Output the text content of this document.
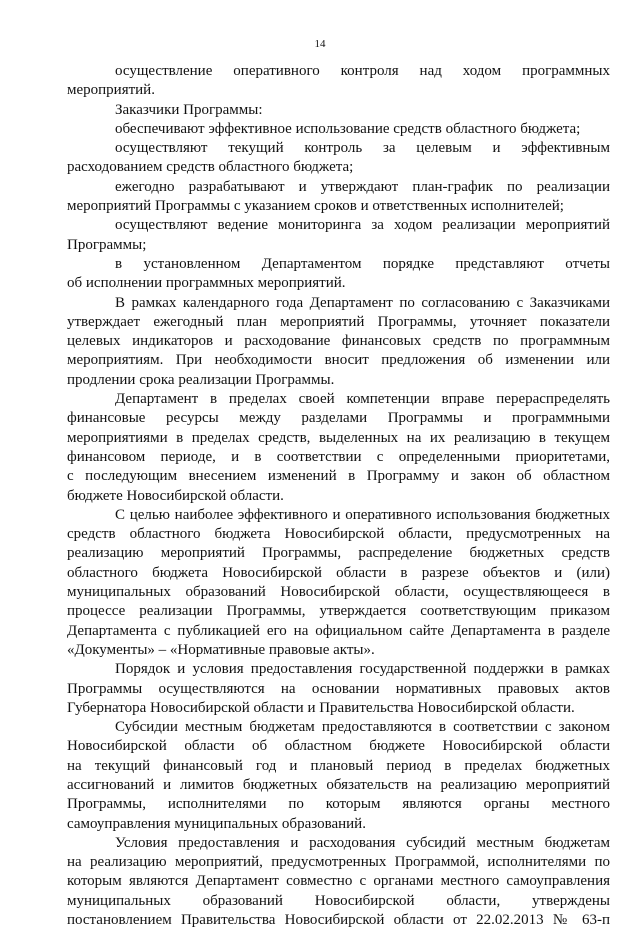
14
осуществление оперативного контроля над ходом программных
мероприятий.
Заказчики Программы:
обеспечивают эффективное использование средств областного бюджета;
осуществляют текущий контроль за целевым и эффективным
расходованием средств областного бюджета;
ежегодно разрабатывают и утверждают план-график по реализации
мероприятий Программы с указанием сроков и ответственных исполнителей;
осуществляют ведение мониторинга за ходом реализации мероприятий
Программы;
в установленном Департаментом порядке представляют отчеты
об исполнении программных мероприятий.
В рамках календарного года Департамент по согласованию с Заказчиками
утверждает ежегодный план мероприятий Программы, уточняет показатели
целевых индикаторов и расходование финансовых средств по программным
мероприятиям. При необходимости вносит предложения об изменении или
продлении срока реализации Программы.
Департамент в пределах своей компетенции вправе перераспределять
финансовые ресурсы между разделами Программы и программными
мероприятиями в пределах средств, выделенных на их реализацию в текущем
финансовом периоде, и в соответствии с определенными приоритетами,
с последующим внесением изменений в Программу и закон об областном
бюджете Новосибирской области.
С целью наиболее эффективного и оперативного использования бюджетных
средств областного бюджета Новосибирской области, предусмотренных на
реализацию мероприятий Программы, распределение бюджетных средств
областного бюджета Новосибирской области в разрезе объектов и (или)
муниципальных образований Новосибирской области, осуществляющееся в
процессе реализации Программы, утверждается соответствующим приказом
Департамента с публикацией его на официальном сайте Департамента в разделе
«Документы» – «Нормативные правовые акты».
Порядок и условия предоставления государственной поддержки в рамках
Программы осуществляются на основании нормативных правовых актов
Губернатора Новосибирской области и Правительства Новосибирской области.
Субсидии местным бюджетам предоставляются в соответствии с законом
Новосибирской области об областном бюджете Новосибирской области
на текущий финансовый год и плановый период в пределах бюджетных
ассигнований и лимитов бюджетных обязательств на реализацию мероприятий
Программы, исполнителями по которым являются органы местного
самоуправления муниципальных образований.
Условия предоставления и расходования субсидий местным бюджетам
на реализацию мероприятий, предусмотренных Программой, исполнителями по
которым являются Департамент совместно с органами местного самоуправления
муниципальных образований Новосибирской области, утверждены
постановлением Правительства Новосибирской области от 22.02.2013 № 63-п
